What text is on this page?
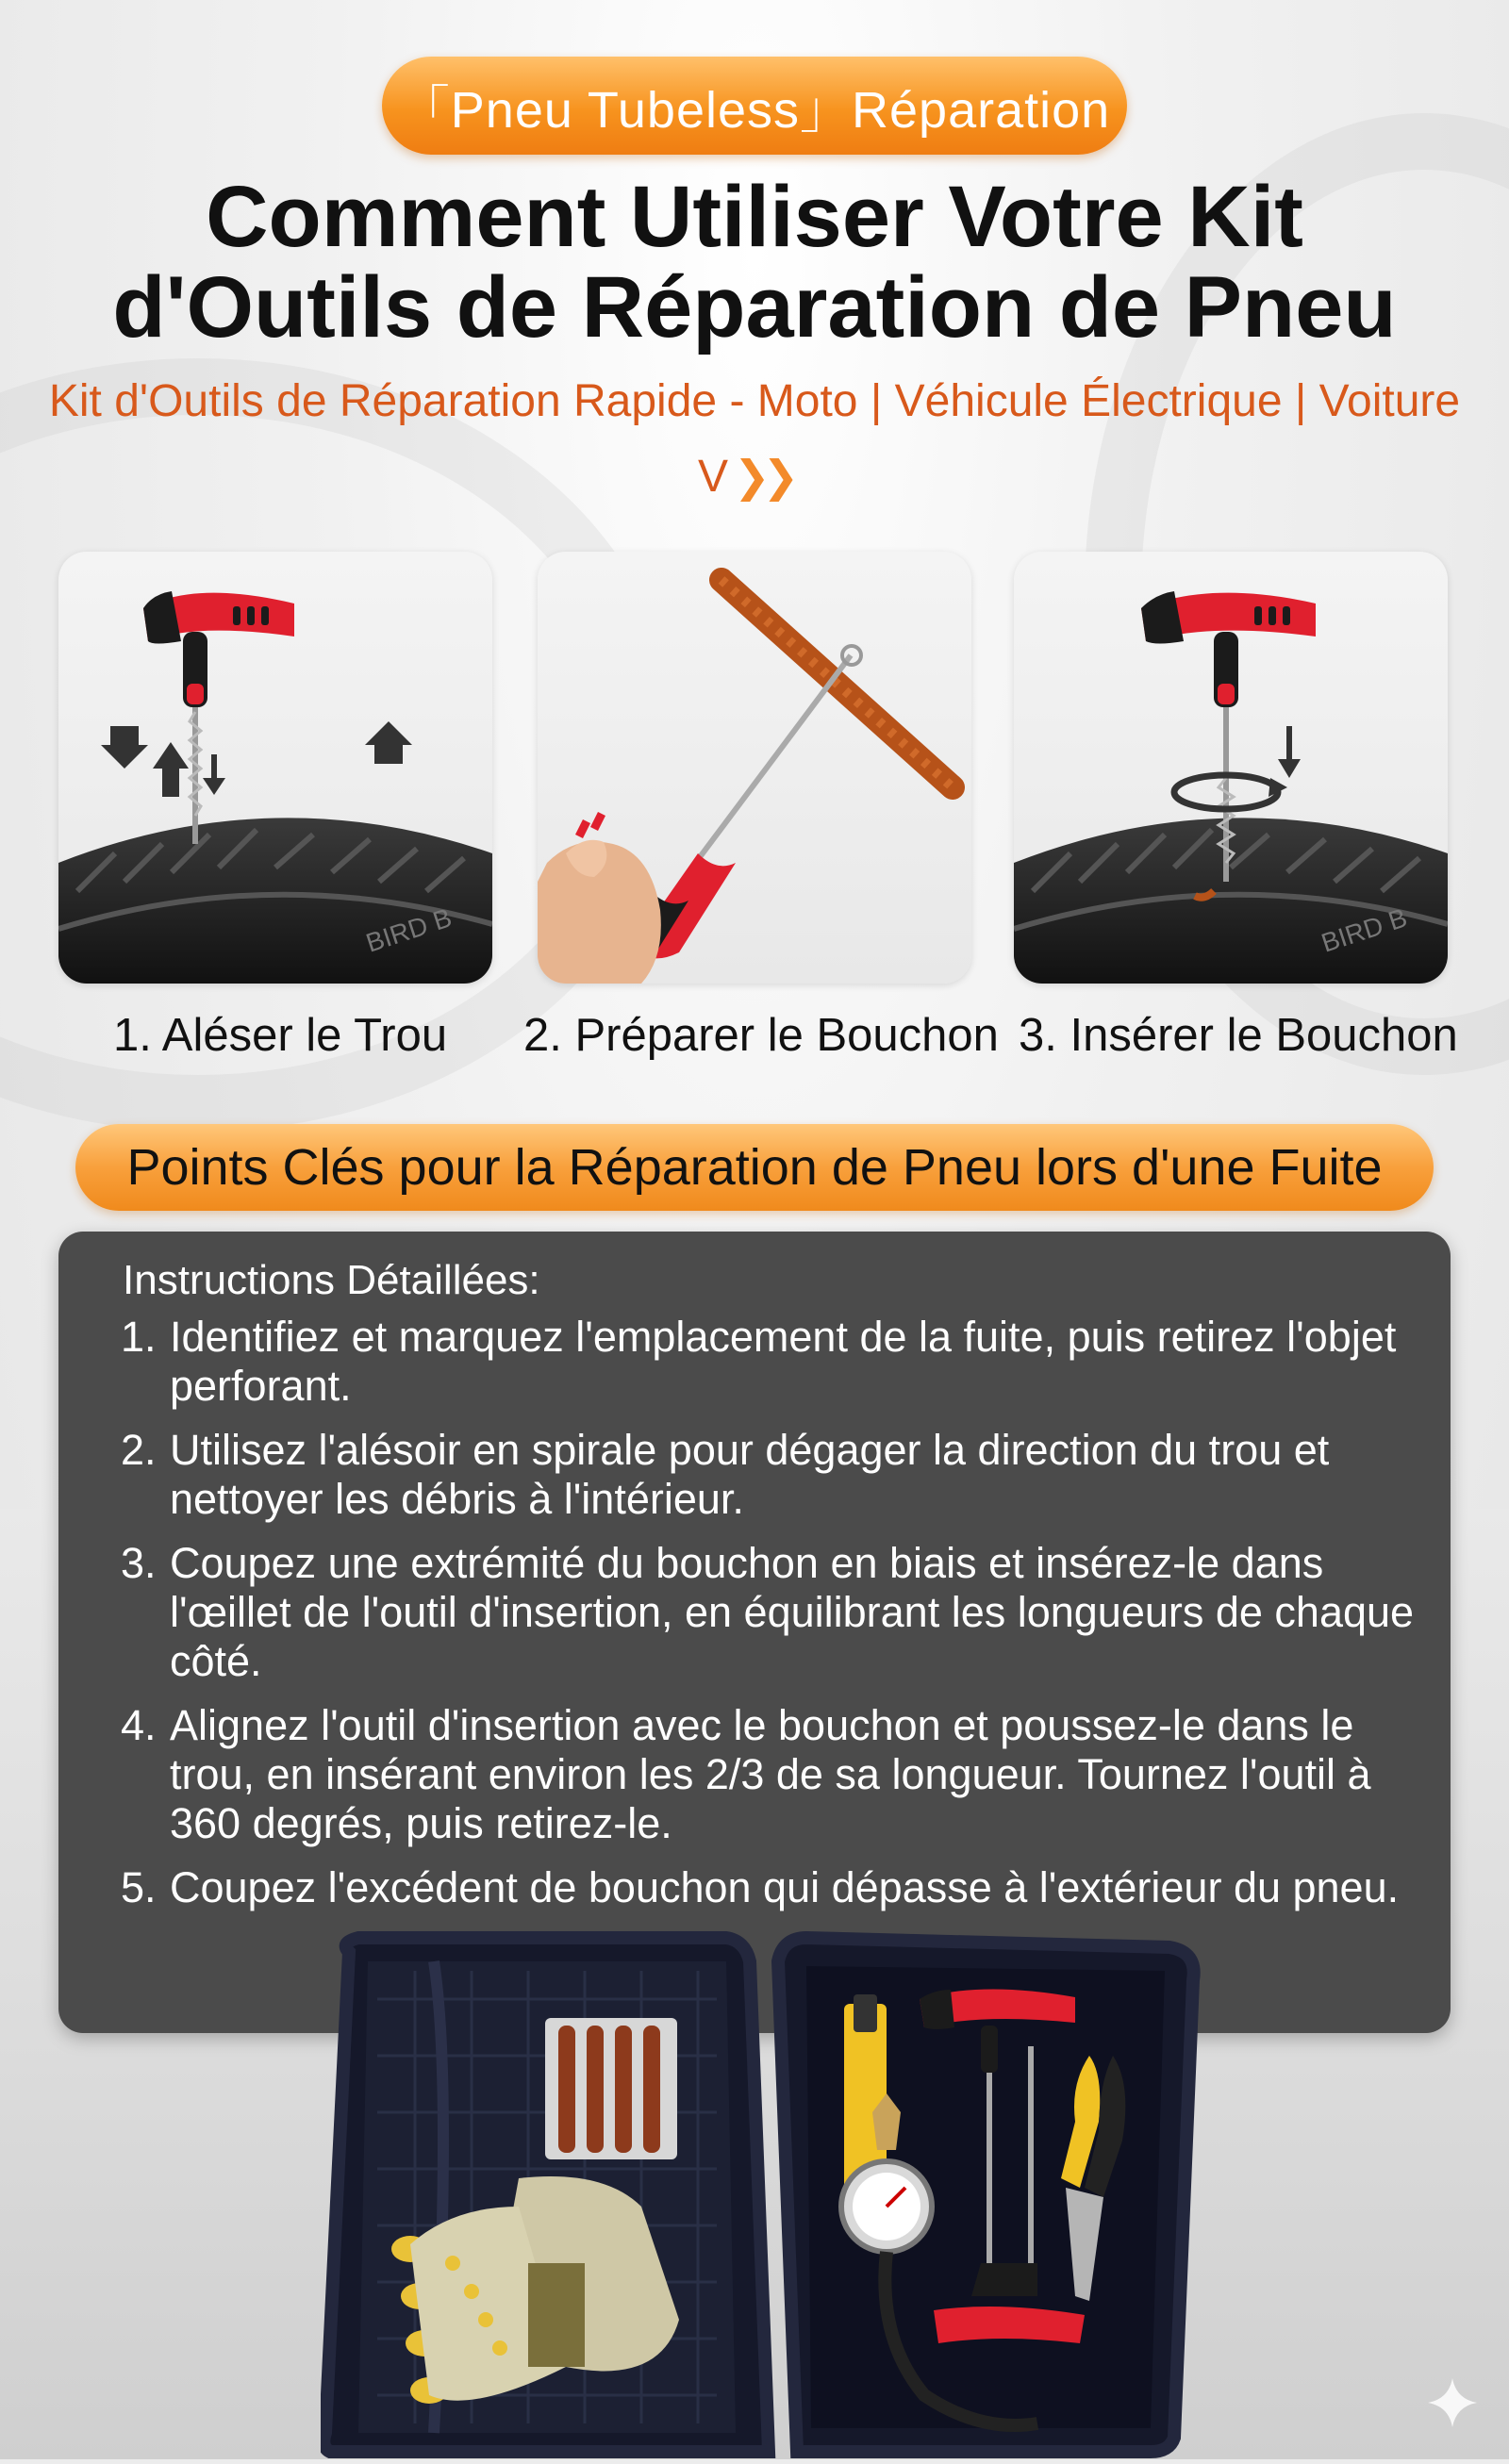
「Pneu Tubeless」Réparation
Comment Utiliser Votre Kit
d'Outils de Réparation de Pneu
Kit d'Outils de Réparation Rapide - Moto | Véhicule Électrique | Voiture
V ❯❯
BIRD B
1. Aléser le Trou 2. Préparer le Bouchon
BIRD B
3. Insérer le Bouchon
Points Clés pour la Réparation de Pneu lors d'une Fuite
Instructions Détaillées:
1. Identifiez et marquez l'emplacement de la fuite, puis retirez l'objet perforant.
2. Utilisez l'alésoir en spirale pour dégager la direction du trou et nettoyer les débris à l'intérieur.
3. Coupez une extrémité du bouchon en biais et insérez-le dans l'œillet de l'outil d'insertion, en équilibrant les longueurs de chaque côté.
4. Alignez l'outil d'insertion avec le bouchon et poussez-le dans le trou, en insérant environ les 2/3 de sa longueur. Tournez l'outil à 360 degrés, puis retirez-le.
5. Coupez l'excédent de bouchon qui dépasse à l'extérieur du pneu.
